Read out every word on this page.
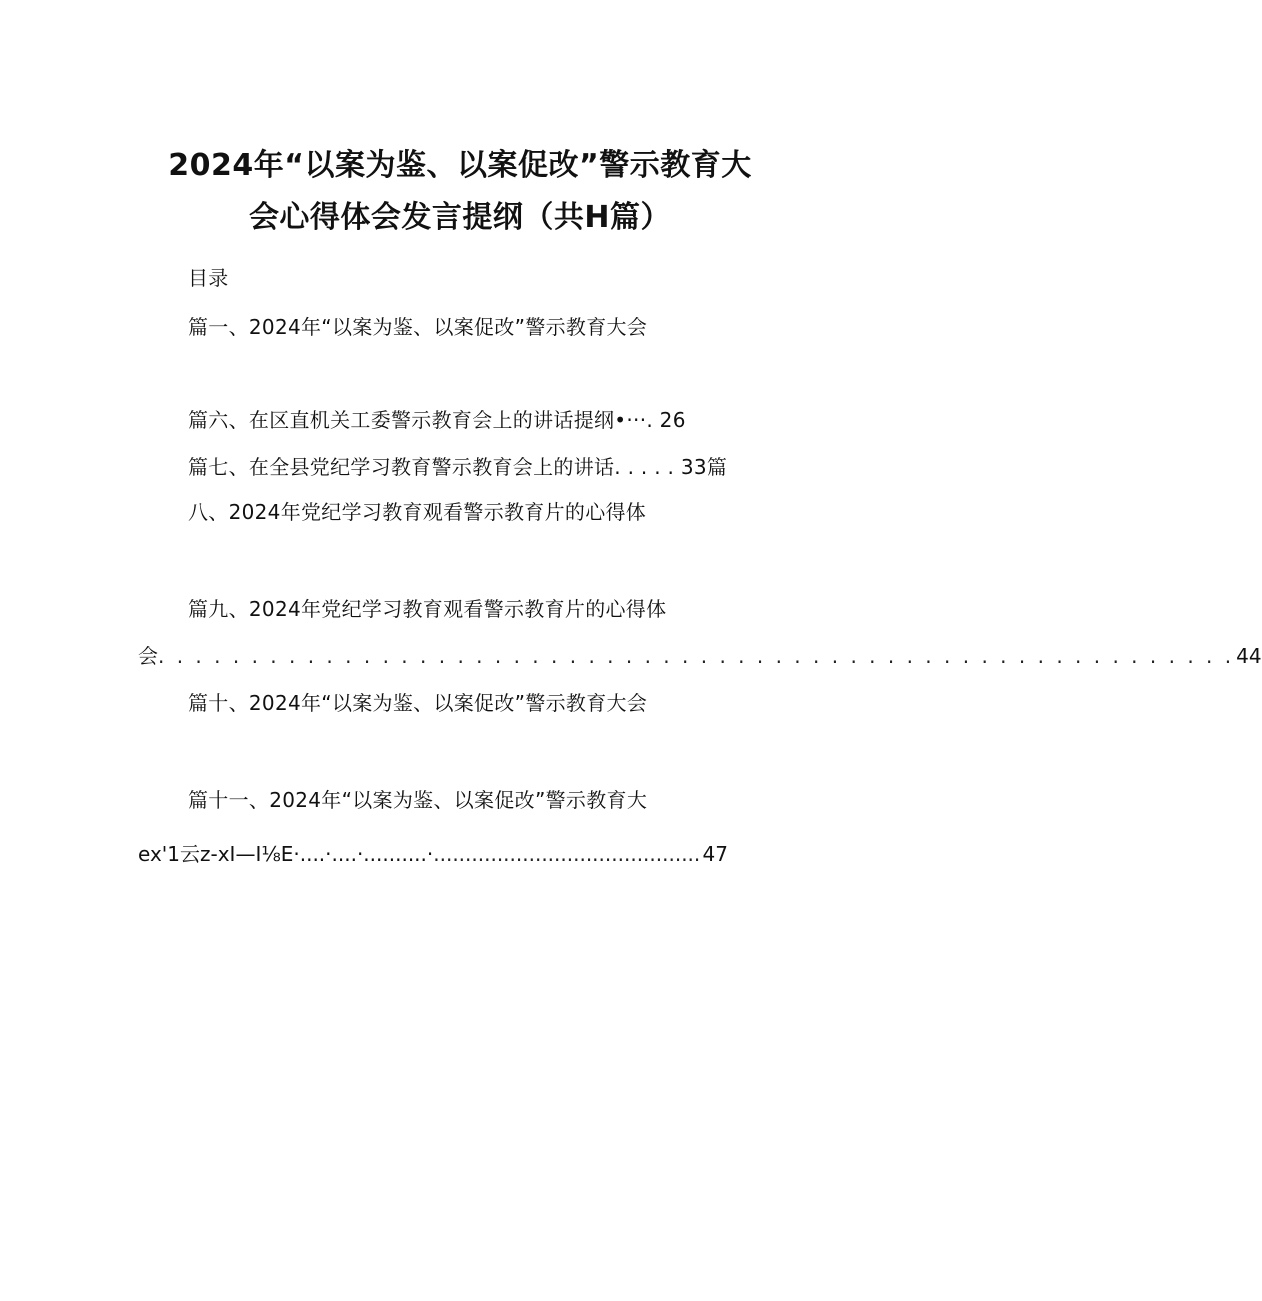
2024年“以案为鉴、以案促改”警示教育大
会心得体会发言提纲（共H篇）
目录
篇一、2024年“以案为鉴、以案促改”警示教育大会
篇六、在区直机关工委警示教育会上的讲话提纲•···. 26
篇七、在全县党纪学习教育警示教育会上的讲话. . . . . 33篇
八、2024年党纪学习教育观看警示教育片的心得体
篇九、2024年党纪学习教育观看警示教育片的心得体
会 . . . . . . . . . . . . . . . . . . . . . . . . . . . . . . . . . . . . . . . . . . . . . . . . . . . . . . . . . . 44
篇十、2024年“以案为鉴、以案促改”警示教育大会
篇十一、2024年“以案为鉴、以案促改”警示教育大
ex'1云z-xI—I⅛E·....·....·..........· .......................................... 47
